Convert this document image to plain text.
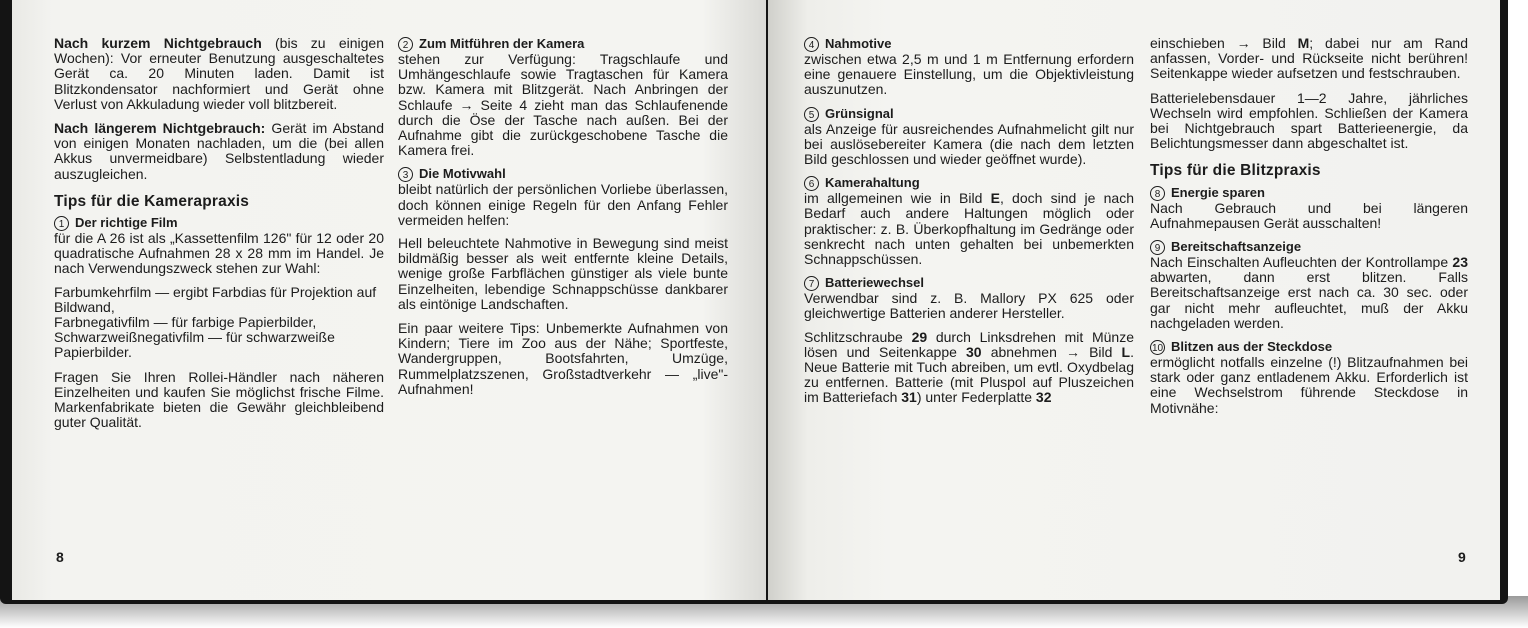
Nach kurzem Nichtgebrauch (bis zu einigen Wochen): Vor erneuter Benutzung ausgeschaltetes Gerät ca. 20 Minuten laden. Damit ist Blitzkondensator nachformiert und Gerät ohne Verlust von Akkuladung wieder voll blitzbereit.

Nach längerem Nichtgebrauch: Gerät im Abstand von einigen Monaten nachladen, um die (bei allen Akkus unvermeidbare) Selbstentladung wieder auszugleichen.

Tips für die Kamerapraxis
1 Der richtige Film
für die A 26 ist als „Kassettenfilm 126" für 12 oder 20 quadratische Aufnahmen 28 x 28 mm im Handel. Je nach Verwendungszweck stehen zur Wahl:

Farbumkehrfilm — ergibt Farbdias für Projektion auf Bildwand,
Farbnegativfilm — für farbige Papierbilder,
Schwarzweißnegativfilm — für schwarzweiße Papierbilder.

Fragen Sie Ihren Rollei-Händler nach näheren Einzelheiten und kaufen Sie möglichst frische Filme. Markenfabrikate bieten die Gewähr gleichbleibend guter Qualität.

2 Zum Mitführen der Kamera
stehen zur Verfügung: Tragschlaufe und Umhängeschlaufe sowie Tragtaschen für Kamera bzw. Kamera mit Blitzgerät. Nach Anbringen der Schlaufe → Seite 4 zieht man das Schlaufenende durch die Öse der Tasche nach außen. Bei der Aufnahme gibt die zurückgeschobene Tasche die Kamera frei.
3 Die Motivwahl
bleibt natürlich der persönlichen Vorliebe überlassen, doch können einige Regeln für den Anfang Fehler vermeiden helfen:

Hell beleuchtete Nahmotive in Bewegung sind meist bildmäßig besser als weit entfernte kleine Details, wenige große Farbflächen günstiger als viele bunte Einzelheiten, lebendige Schnappschüsse dankbarer als eintönige Landschaften.

Ein paar weitere Tips: Unbemerkte Aufnahmen von Kindern; Tiere im Zoo aus der Nähe; Sportfeste, Wandergruppen, Bootsfahrten, Umzüge, Rummelplatzszenen, Großstadtverkehr — „live"-Aufnahmen!

8
4 Nahmotive
zwischen etwa 2,5 m und 1 m Entfernung erfordern eine genauere Einstellung, um die Objektivleistung auszunutzen.
5 Grünsignal
als Anzeige für ausreichendes Aufnahmelicht gilt nur bei auslösebereiter Kamera (die nach dem letzten Bild geschlossen und wieder geöffnet wurde).
6 Kamerahaltung
im allgemeinen wie in Bild E, doch sind je nach Bedarf auch andere Haltungen möglich oder praktischer: z. B. Überkopfhaltung im Gedränge oder senkrecht nach unten gehalten bei unbemerkten Schnappschüssen.
7 Batteriewechsel
Verwendbar sind z. B. Mallory PX 625 oder gleichwertige Batterien anderer Hersteller.

Schlitzschraube 29 durch Linksdrehen mit Münze lösen und Seitenkappe 30 abnehmen → Bild L. Neue Batterie mit Tuch abreiben, um evtl. Oxydbelag zu entfernen. Batterie (mit Pluspol auf Pluszeichen im Batteriefach 31) unter Federplatte 32

einschieben → Bild M; dabei nur am Rand anfassen, Vorder- und Rückseite nicht berühren! Seitenkappe wieder aufsetzen und festschrauben.

Batterielebensdauer 1—2 Jahre, jährliches Wechseln wird empfohlen. Schließen der Kamera bei Nichtgebrauch spart Batterieenergie, da Belichtungsmesser dann abgeschaltet ist.

Tips für die Blitzpraxis
8 Energie sparen
Nach Gebrauch und bei längeren Aufnahmepausen Gerät ausschalten!
9 Bereitschaftsanzeige
Nach Einschalten Aufleuchten der Kontrollampe 23 abwarten, dann erst blitzen. Falls Bereitschaftsanzeige erst nach ca. 30 sec. oder gar nicht mehr aufleuchtet, muß der Akku nachgeladen werden.
10 Blitzen aus der Steckdose
ermöglicht notfalls einzelne (!) Blitzaufnahmen bei stark oder ganz entladenem Akku. Erforderlich ist eine Wechselstrom führende Steckdose in Motivnähe:
9
